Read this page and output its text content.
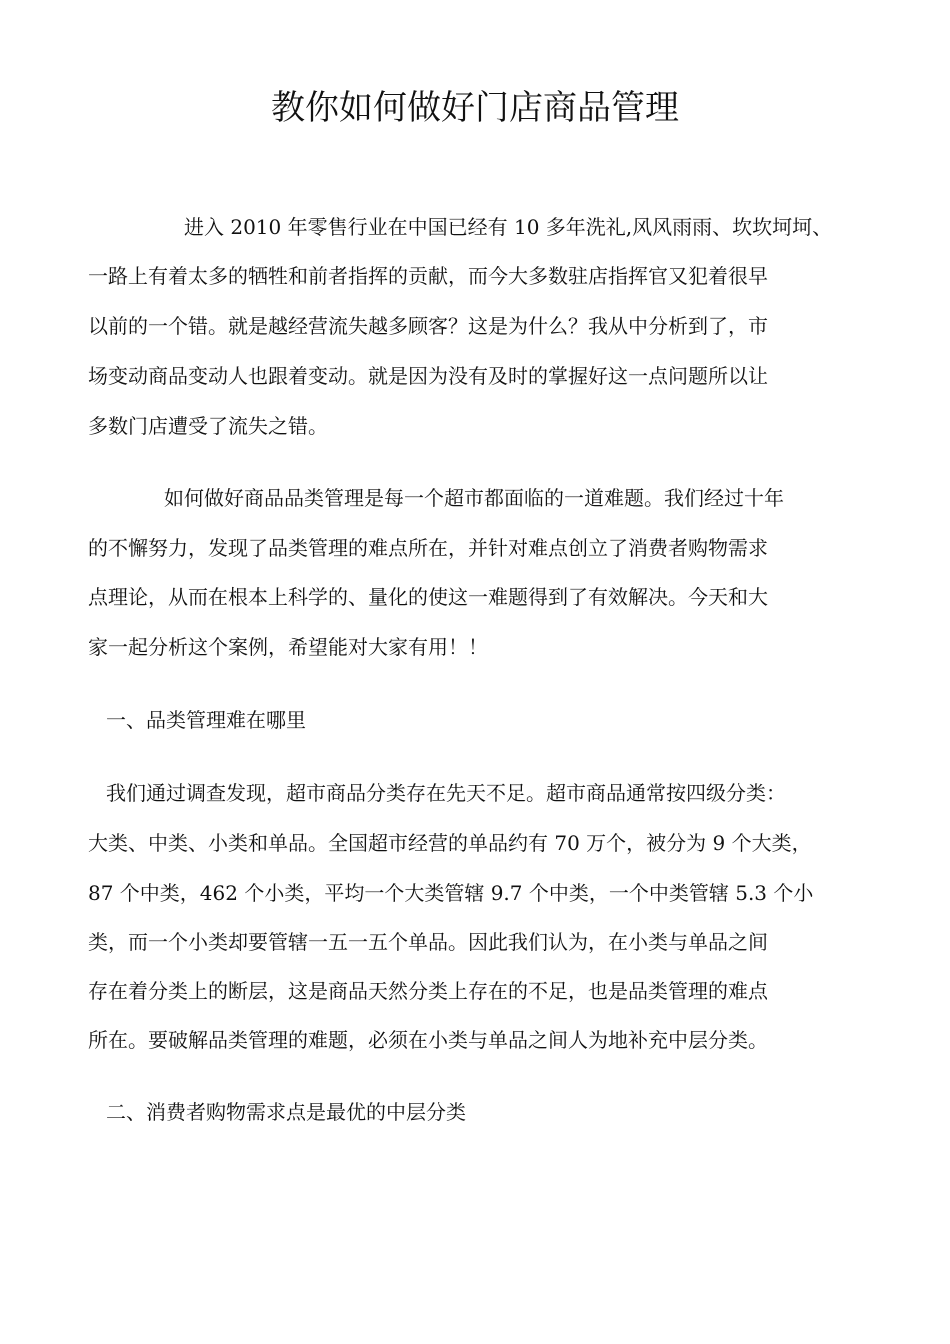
教你如何做好门店商品管理

进入 2010 年零售行业在中国已经有 10 多年洗礼,风风雨雨、坎坎坷坷、

一路上有着太多的牺牲和前者指挥的贡献，而今大多数驻店指挥官又犯着很早

以前的一个错。就是越经营流失越多顾客？这是为什么？我从中分析到了，市

场变动商品变动人也跟着变动。就是因为没有及时的掌握好这一点问题所以让

多数门店遭受了流失之错。

如何做好商品品类管理是每一个超市都面临的一道难题。我们经过十年

的不懈努力，发现了品类管理的难点所在，并针对难点创立了消费者购物需求

点理论，从而在根本上科学的、量化的使这一难题得到了有效解决。今天和大

家一起分析这个案例，希望能对大家有用！！

一、品类管理难在哪里

我们通过调查发现，超市商品分类存在先天不足。超市商品通常按四级分类：

大类、中类、小类和单品。全国超市经营的单品约有 70 万个，被分为 9 个大类，

87 个中类，462 个小类，平均一个大类管辖 9.7 个中类，一个中类管辖 5.3 个小

类，而一个小类却要管辖一五一五个单品。因此我们认为，在小类与单品之间

存在着分类上的断层，这是商品天然分类上存在的不足，也是品类管理的难点

所在。要破解品类管理的难题，必须在小类与单品之间人为地补充中层分类。

二、消费者购物需求点是最优的中层分类
